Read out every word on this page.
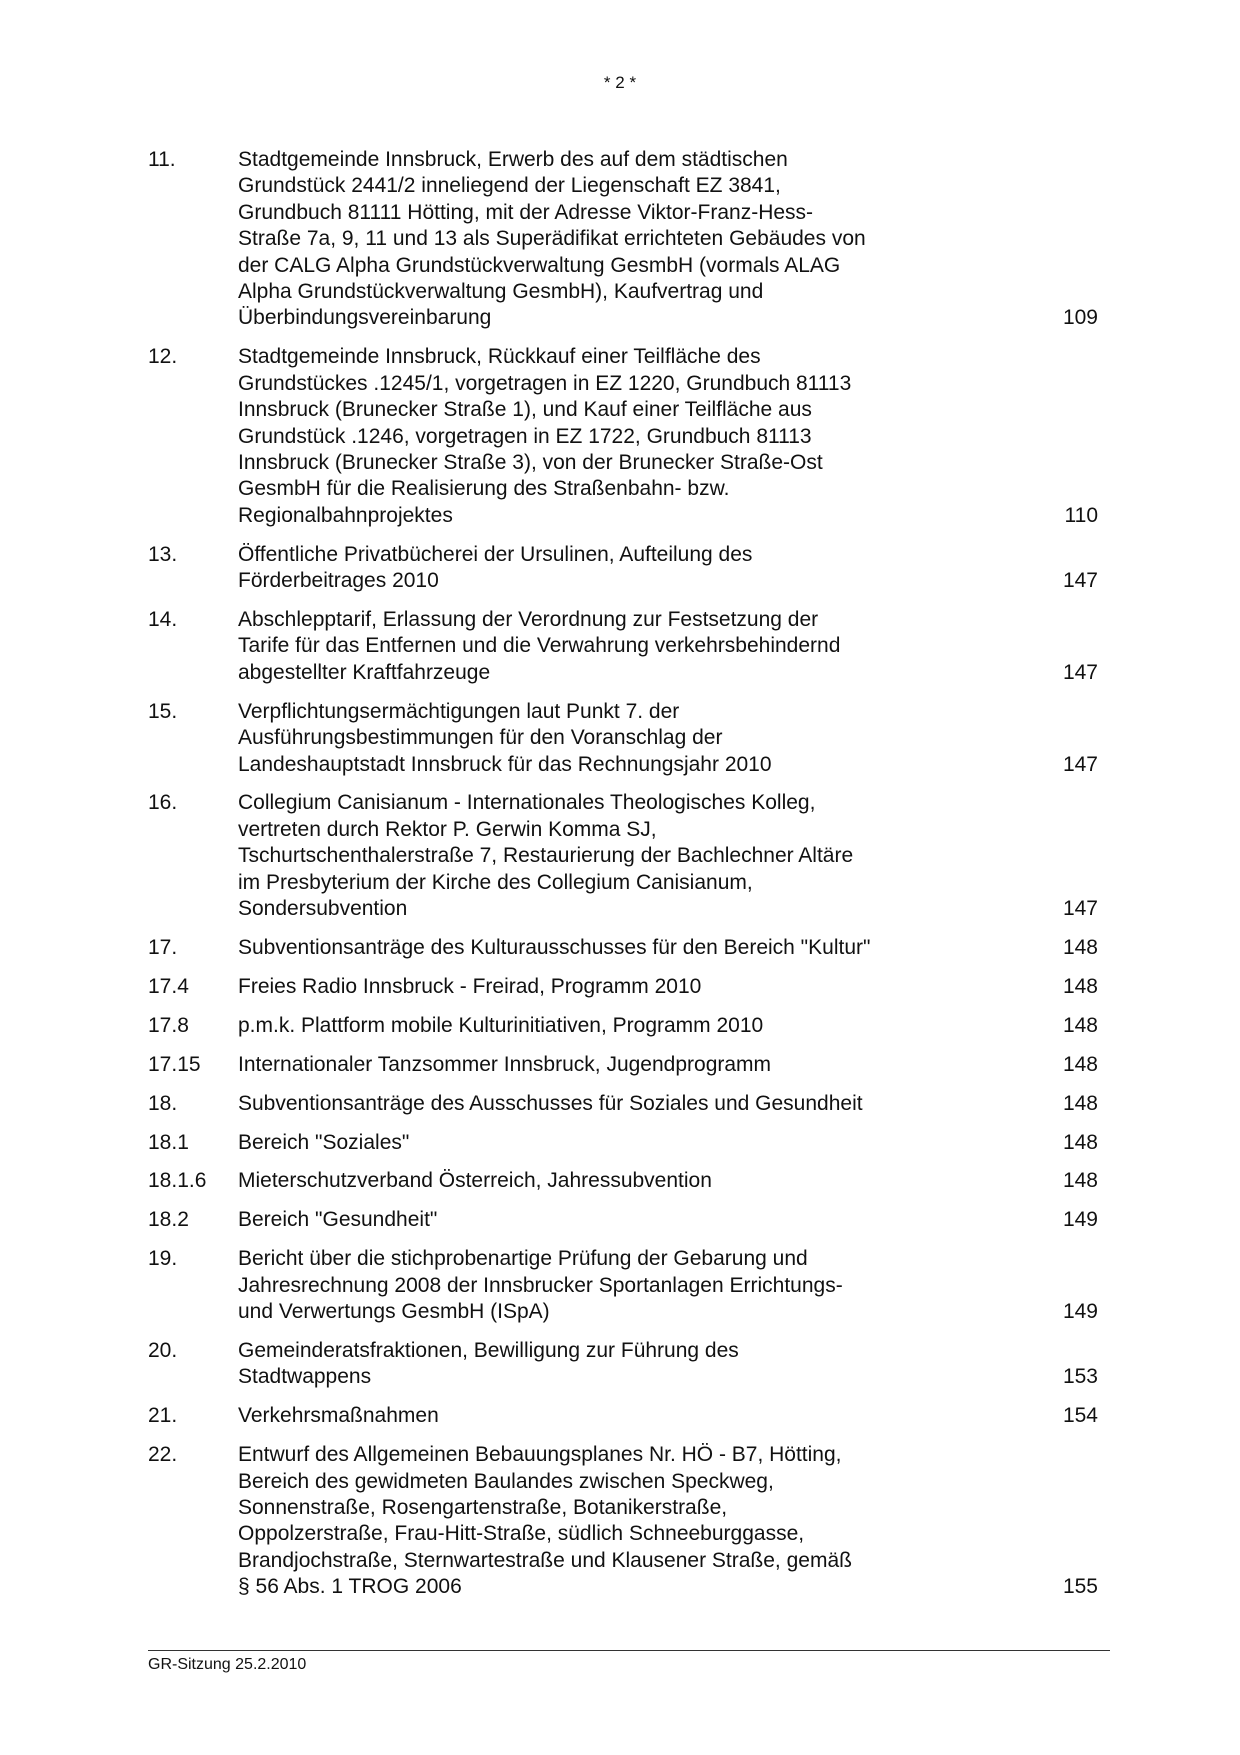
* 2 *
11.	Stadtgemeinde Innsbruck, Erwerb des auf dem städtischen
Grundstück 2441/2 inneliegend der Liegenschaft EZ 3841,
Grundbuch 81111 Hötting, mit der Adresse Viktor-Franz-Hess-
Straße 7a, 9, 11 und 13 als Superädifikat errichteten Gebäudes von
der CALG Alpha Grundstückverwaltung GesmbH (vormals ALAG
Alpha Grundstückverwaltung GesmbH), Kaufvertrag und
Überbindungsvereinbarung	109
12.	Stadtgemeinde Innsbruck, Rückkauf einer Teilfläche des
Grundstückes .1245/1, vorgetragen in EZ 1220, Grundbuch 81113
Innsbruck (Brunecker Straße 1), und Kauf einer Teilfläche aus
Grundstück .1246, vorgetragen in EZ 1722, Grundbuch 81113
Innsbruck (Brunecker Straße 3), von der Brunecker Straße-Ost
GesmbH für die Realisierung des Straßenbahn- bzw.
Regionalbahnprojektes	110
13.	Öffentliche Privatbücherei der Ursulinen, Aufteilung des
Förderbeitrages 2010	147
14.	Abschlepptarif, Erlassung der Verordnung zur Festsetzung der
Tarife für das Entfernen und die Verwahrung verkehrsbehindernd
abgestellter Kraftfahrzeuge	147
15.	Verpflichtungsermächtigungen laut Punkt 7. der
Ausführungsbestimmungen für den Voranschlag der
Landeshauptstadt Innsbruck für das Rechnungsjahr 2010	147
16.	Collegium Canisianum - Internationales Theologisches Kolleg,
vertreten durch Rektor P. Gerwin Komma SJ,
Tschurtschenthalerstraße 7, Restaurierung der Bachlechner Altäre
im Presbyterium der Kirche des Collegium Canisianum,
Sondersubvention	147
17.	Subventionsanträge des Kulturausschusses für den Bereich "Kultur"	148
17.4	Freies Radio Innsbruck - Freirad, Programm 2010	148
17.8	p.m.k. Plattform mobile Kulturinitiativen, Programm 2010	148
17.15	Internationaler Tanzsommer Innsbruck, Jugendprogramm	148
18.	Subventionsanträge des Ausschusses für Soziales und Gesundheit	148
18.1	Bereich "Soziales"	148
18.1.6	Mieterschutzverband Österreich, Jahressubvention	148
18.2	Bereich "Gesundheit"	149
19.	Bericht über die stichprobenartige Prüfung der Gebarung und
Jahresrechnung 2008 der Innsbrucker Sportanlagen Errichtungs-
und Verwertungs GesmbH (ISpA)	149
20.	Gemeinderatsfraktionen, Bewilligung zur Führung des
Stadtwappens	153
21.	Verkehrsmaßnahmen	154
22.	Entwurf des Allgemeinen Bebauungsplanes Nr. HÖ - B7, Hötting,
Bereich des gewidmeten Baulandes zwischen Speckweg,
Sonnenstraße, Rosengartenstraße, Botanikerstraße,
Oppolzerstraße, Frau-Hitt-Straße, südlich Schneeburggasse,
Brandjochstraße, Sternwartestraße und Klausener Straße, gemäß
§ 56 Abs. 1 TROG 2006	155
GR-Sitzung 25.2.2010
